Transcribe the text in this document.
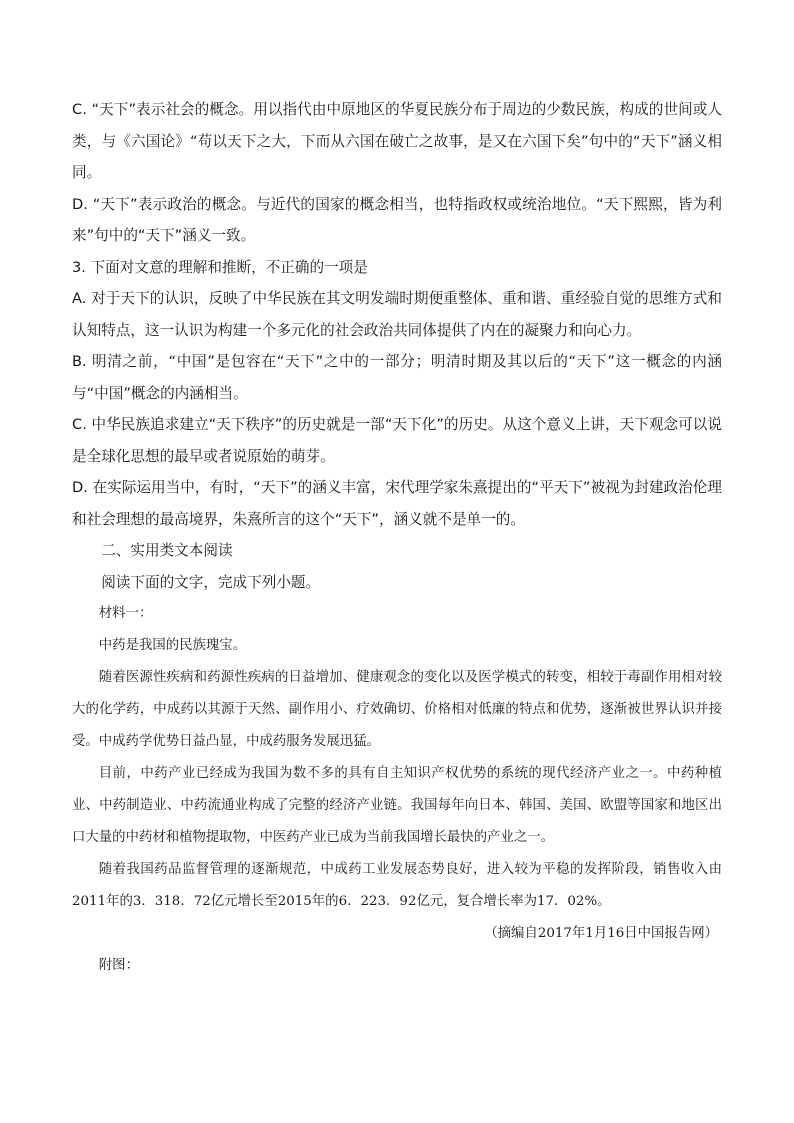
C. “天下”表示社会的概念。用以指代由中原地区的华夏民族分布于周边的少数民族，构成的世间或人类，与《六国论》“苟以天下之大，下而从六国在破亡之故事，是又在六国下矣”句中的“天下”涵义相同。

D. “天下”表示政治的概念。与近代的国家的概念相当，也特指政权或统治地位。“天下熙熙，皆为利来”句中的“天下”涵义一致。

3. 下面对文意的理解和推断，不正确的一项是

A. 对于天下的认识，反映了中华民族在其文明发端时期便重整体、重和谐、重经验自觉的思维方式和认知特点，这一认识为构建一个多元化的社会政治共同体提供了内在的凝聚力和向心力。

B. 明清之前，“中国”是包容在“天下”之中的一部分；明清时期及其以后的“天下”这一概念的内涵与“中国”概念的内涵相当。

C. 中华民族追求建立“天下秩序”的历史就是一部“天下化”的历史。从这个意义上讲，天下观念可以说是全球化思想的最早或者说原始的萌芽。

D. 在实际运用当中，有时，“天下”的涵义丰富，宋代理学家朱熹提出的“平天下”被视为封建政治伦理和社会理想的最高境界，朱熹所言的这个“天下”，涵义就不是单一的。

二、实用类文本阅读

阅读下面的文字，完成下列小题。

材料一：

中药是我国的民族瑰宝。

随着医源性疾病和药源性疾病的日益增加、健康观念的变化以及医学模式的转变，相较于毒副作用相对较大的化学药，中成药以其源于天然、副作用小、疗效确切、价格相对低廉的特点和优势，逐渐被世界认识并接受。中成药学优势日益凸显，中成药服务发展迅猛。

目前，中药产业已经成为我国为数不多的具有自主知识产权优势的系统的现代经济产业之一。中药种植业、中药制造业、中药流通业构成了完整的经济产业链。我国每年向日本、韩国、美国、欧盟等国家和地区出口大量的中药材和植物提取物，中医药产业已成为当前我国增长最快的产业之一。

随着我国药品监督管理的逐渐规范，中成药工业发展态势良好，进入较为平稳的发挥阶段，销售收入由2011年的3．318．72亿元增长至2015年的6．223．92亿元，复合增长率为17．02%。

（摘编自2017年1月16日中国报告网）

附图：
